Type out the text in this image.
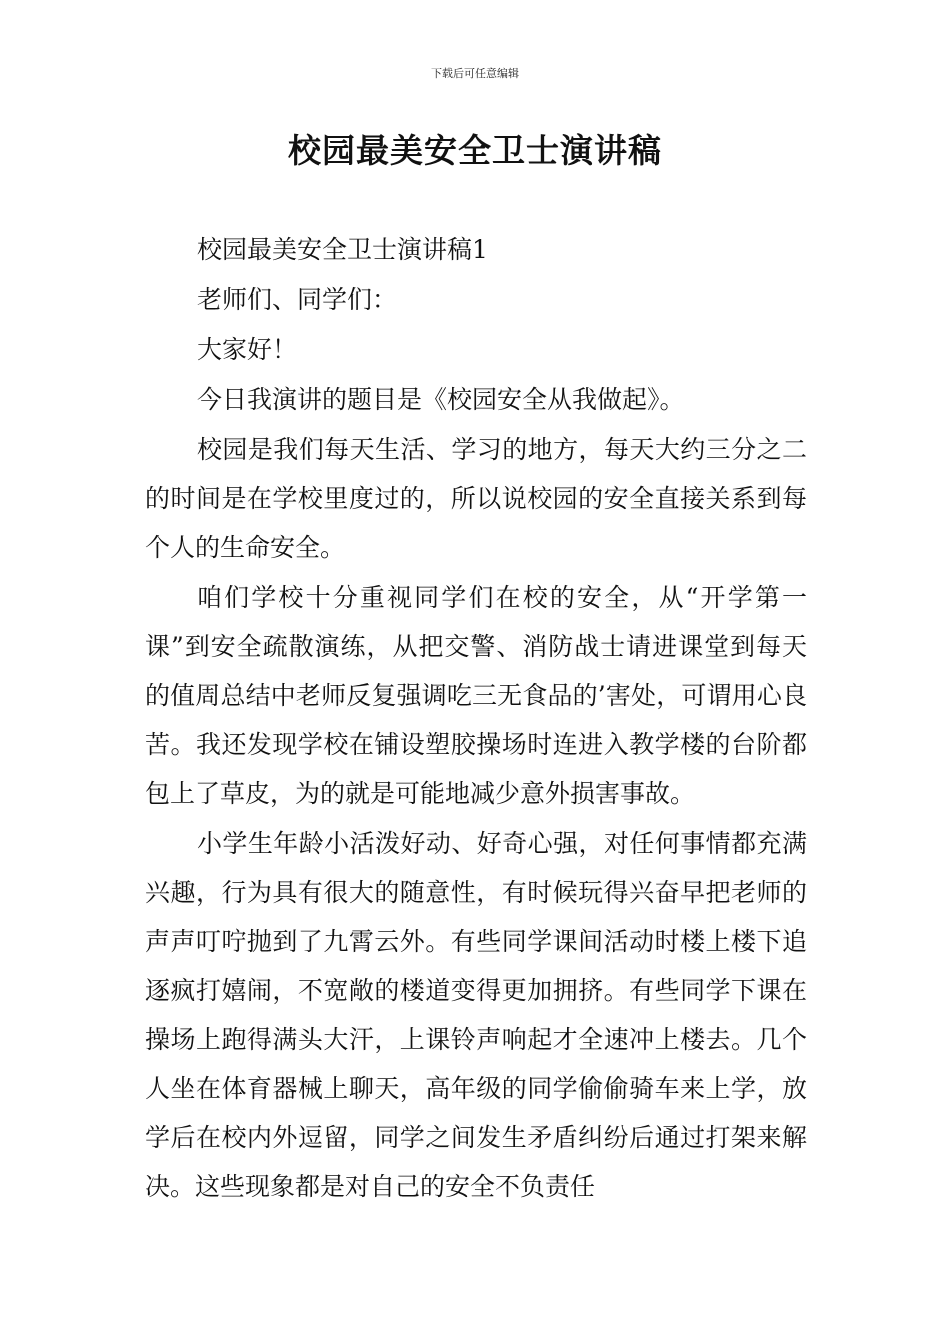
下载后可任意编辑
校园最美安全卫士演讲稿

校园最美安全卫士演讲稿1

老师们、同学们：

大家好！

今日我演讲的题目是《校园安全从我做起》。

校园是我们每天生活、学习的地方，每天大约三分之二的时间是在学校里度过的，所以说校园的安全直接关系到每个人的生命安全。

咱们学校十分重视同学们在校的安全，从“开学第一课”到安全疏散演练，从把交警、消防战士请进课堂到每天的值周总结中老师反复强调吃三无食品的’害处，可谓用心良苦。我还发现学校在铺设塑胶操场时连进入教学楼的台阶都包上了草皮，为的就是可能地减少意外损害事故。

小学生年龄小活泼好动、好奇心强，对任何事情都充满兴趣，行为具有很大的随意性，有时候玩得兴奋早把老师的声声叮咛抛到了九霄云外。有些同学课间活动时楼上楼下追逐疯打嬉闹，不宽敞的楼道变得更加拥挤。有些同学下课在操场上跑得满头大汗，上课铃声响起才全速冲上楼去。几个人坐在体育器械上聊天，高年级的同学偷偷骑车来上学，放学后在校内外逗留，同学之间发生矛盾纠纷后通过打架来解决。这些现象都是对自己的安全不负责任
